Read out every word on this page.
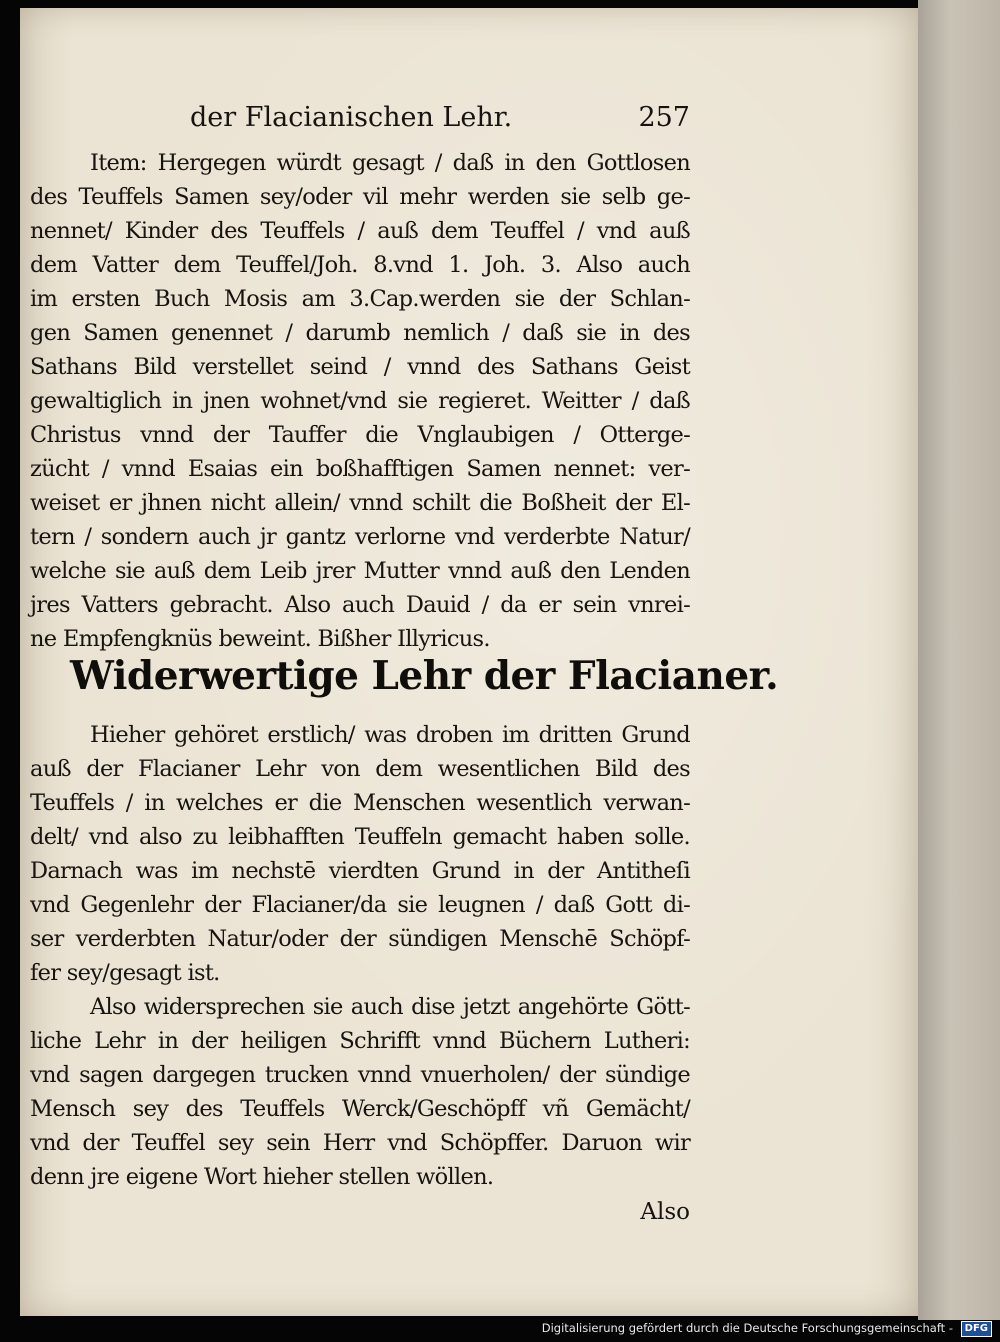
der Flacianischen Lehr.	257

Item: Hergegen würdt gesagt / daß in den Gottlosen

des Teuffels Samen sey/oder vil mehr werden sie selb ge-

nennet/ Kinder des Teuffels / auß dem Teuffel / vnd auß

dem Vatter dem Teuffel/Joh. 8.vnd 1. Joh. 3. Also auch

im ersten Buch Mosis am 3.Cap.werden sie der Schlan-

gen Samen genennet / darumb nemlich / daß sie in des

Sathans Bild verstellet seind / vnnd des Sathans Geist

gewaltiglich in jnen wohnet/vnd sie regieret. Weitter / daß

Christus vnnd der Tauffer die Vnglaubigen / Otterge-

zücht / vnnd Esaias ein boßhafftigen Samen nennet: ver-

weiset er jhnen nicht allein/ vnnd schilt die Boßheit der El-

tern / sondern auch jr gantz verlorne vnd verderbte Natur/

welche sie auß dem Leib jrer Mutter vnnd auß den Lenden

jres Vatters gebracht. Also auch Dauid / da er sein vnrei-

ne Empfengknüs beweint. Bißher Illyricus.

Widerwertige Lehr der Flacianer.

Hieher gehöret erstlich/ was droben im dritten Grund

auß der Flacianer Lehr von dem wesentlichen Bild des

Teuffels / in welches er die Menschen wesentlich verwan-

delt/ vnd also zu leibhafften Teuffeln gemacht haben solle.

Darnach was im nechstē vierdten Grund in der Antitheſi

vnd Gegenlehr der Flacianer/da sie leugnen / daß Gott di-

ser verderbten Natur/oder der sündigen Menschē Schöpf-

fer sey/gesagt ist.

Also widersprechen sie auch dise jetzt angehörte Gött-

liche Lehr in der heiligen Schrifft vnnd Büchern Lutheri:

vnd sagen dargegen trucken vnnd vnuerholen/ der sündige

Mensch sey des Teuffels Werck/Geschöpff vñ Gemächt/

vnd der Teuffel sey sein Herr vnd Schöpffer. Daruon wir

denn jre eigene Wort hieher stellen wöllen.

Also
Digitalisierung gefördert durch die Deutsche Forschungsgemeinschaft - DFG
